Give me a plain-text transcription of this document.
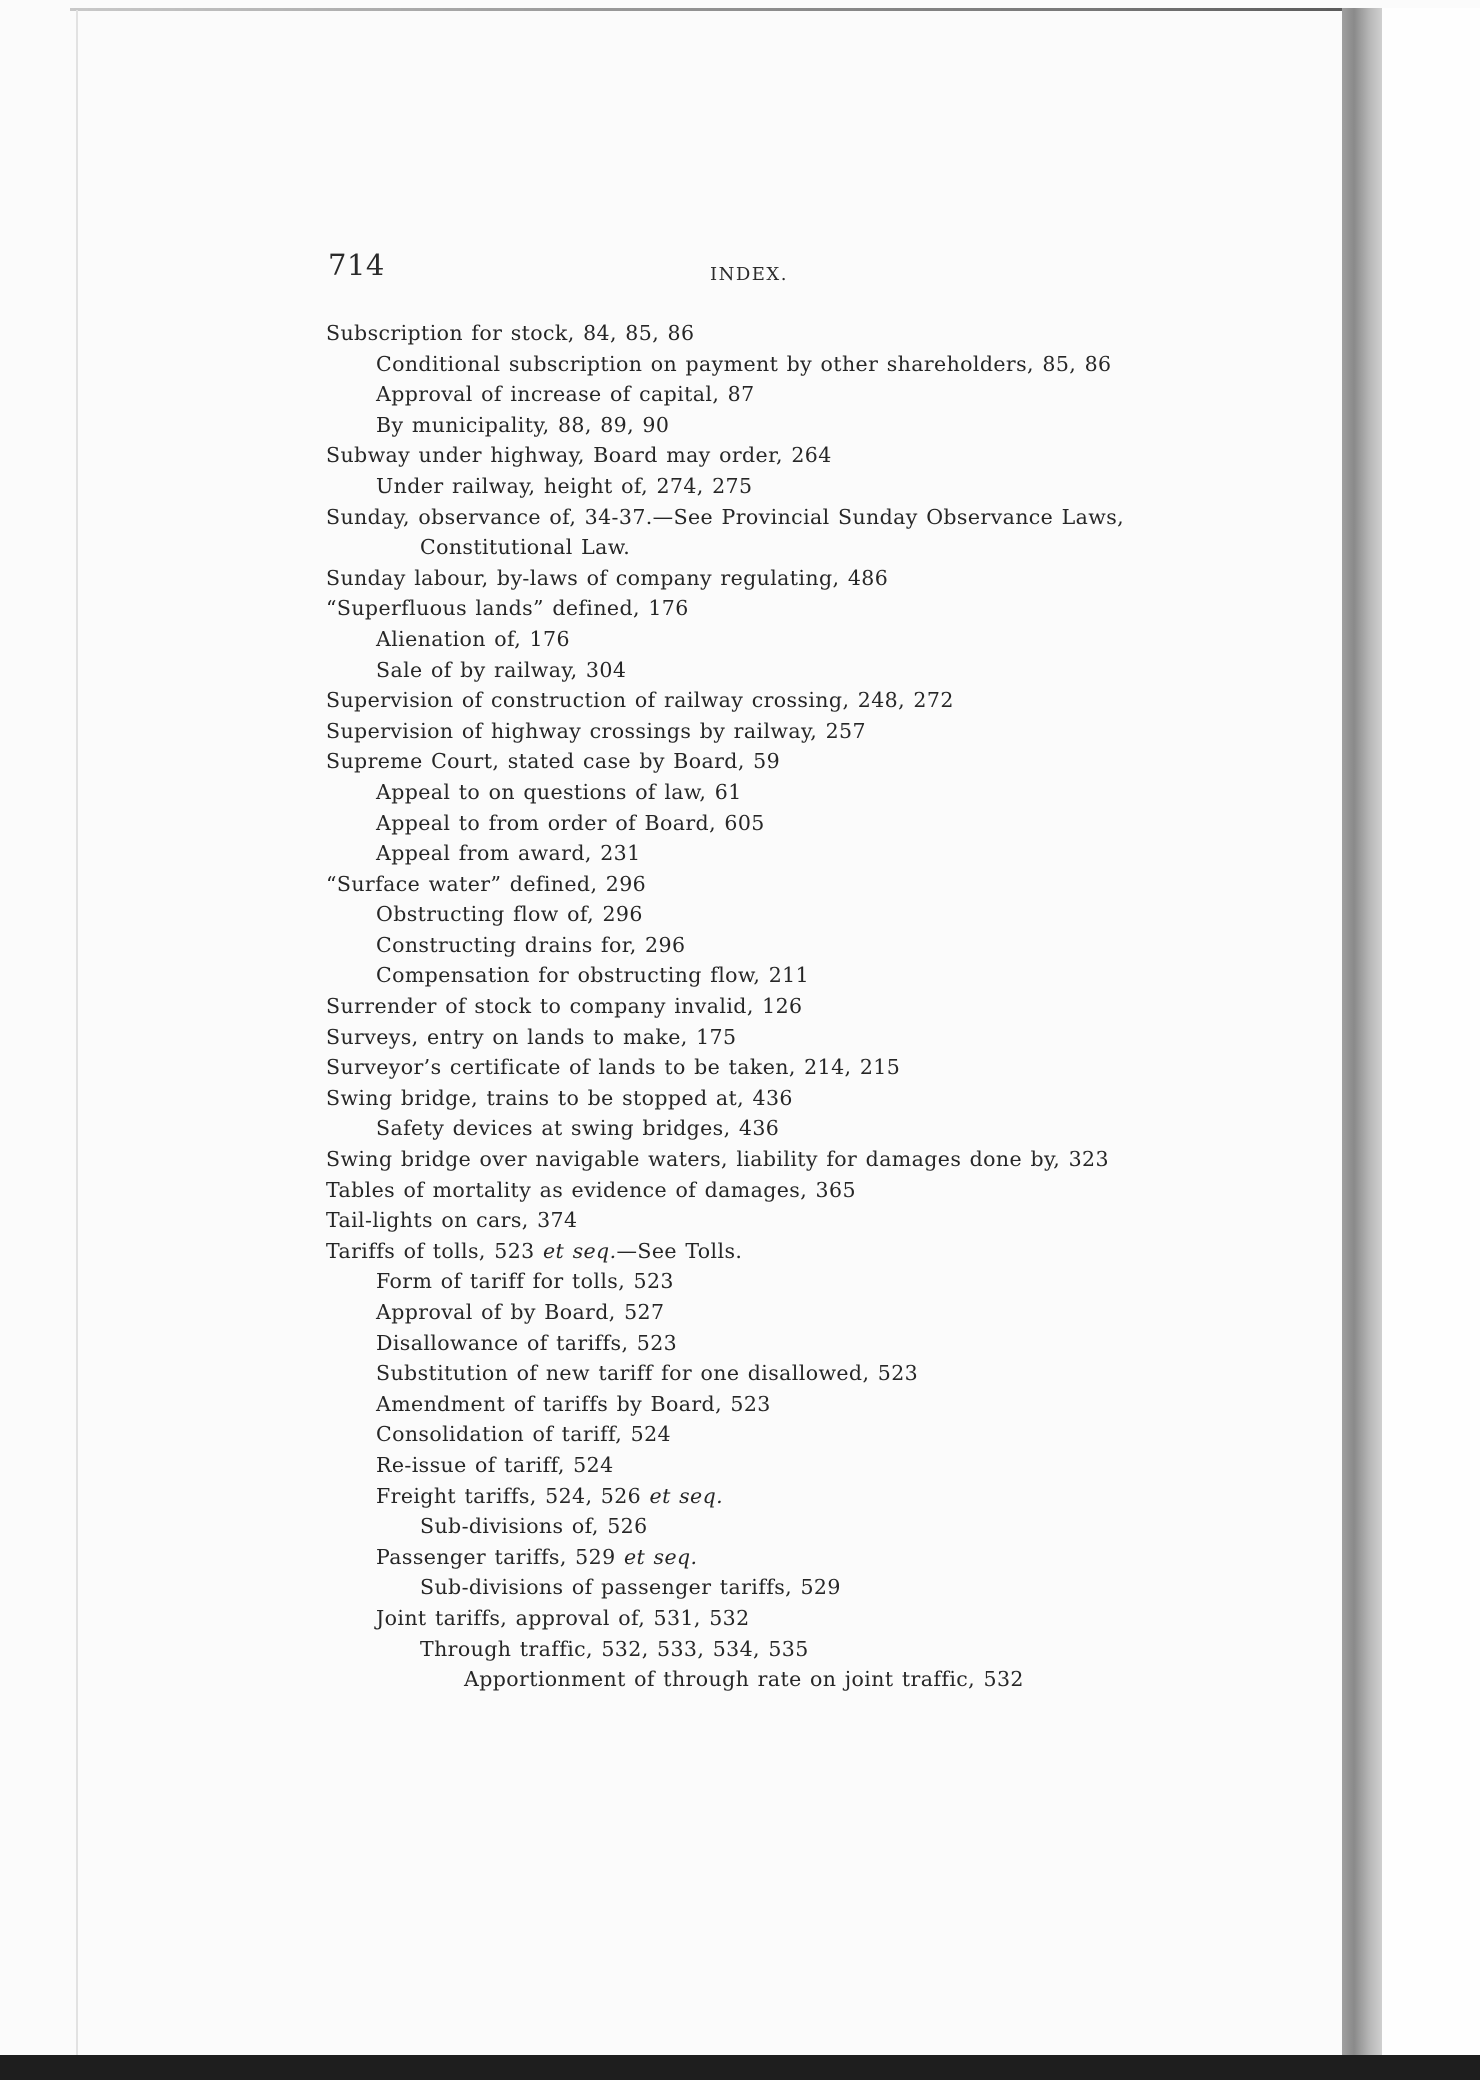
714	INDEX.
Subscription for stock, 84, 85, 86
Conditional subscription on payment by other shareholders, 85, 86
Approval of increase of capital, 87
By municipality, 88, 89, 90
Subway under highway, Board may order, 264
Under railway, height of, 274, 275
Sunday, observance of, 34-37.—See Provincial Sunday Observance Laws,
Constitutional Law.
Sunday labour, by-laws of company regulating, 486
“Superfluous lands” defined, 176
Alienation of, 176
Sale of by railway, 304
Supervision of construction of railway crossing, 248, 272
Supervision of highway crossings by railway, 257
Supreme Court, stated case by Board, 59
Appeal to on questions of law, 61
Appeal to from order of Board, 605
Appeal from award, 231
“Surface water” defined, 296
Obstructing flow of, 296
Constructing drains for, 296
Compensation for obstructing flow, 211
Surrender of stock to company invalid, 126
Surveys, entry on lands to make, 175
Surveyor’s certificate of lands to be taken, 214, 215
Swing bridge, trains to be stopped at, 436
Safety devices at swing bridges, 436
Swing bridge over navigable waters, liability for damages done by, 323
Tables of mortality as evidence of damages, 365
Tail-lights on cars, 374
Tariffs of tolls, 523 et seq.—See Tolls.
Form of tariff for tolls, 523
Approval of by Board, 527
Disallowance of tariffs, 523
Substitution of new tariff for one disallowed, 523
Amendment of tariffs by Board, 523
Consolidation of tariff, 524
Re-issue of tariff, 524
Freight tariffs, 524, 526 et seq.
Sub-divisions of, 526
Passenger tariffs, 529 et seq.
Sub-divisions of passenger tariffs, 529
Joint tariffs, approval of, 531, 532
Through traffic, 532, 533, 534, 535
Apportionment of through rate on joint traffic, 532
